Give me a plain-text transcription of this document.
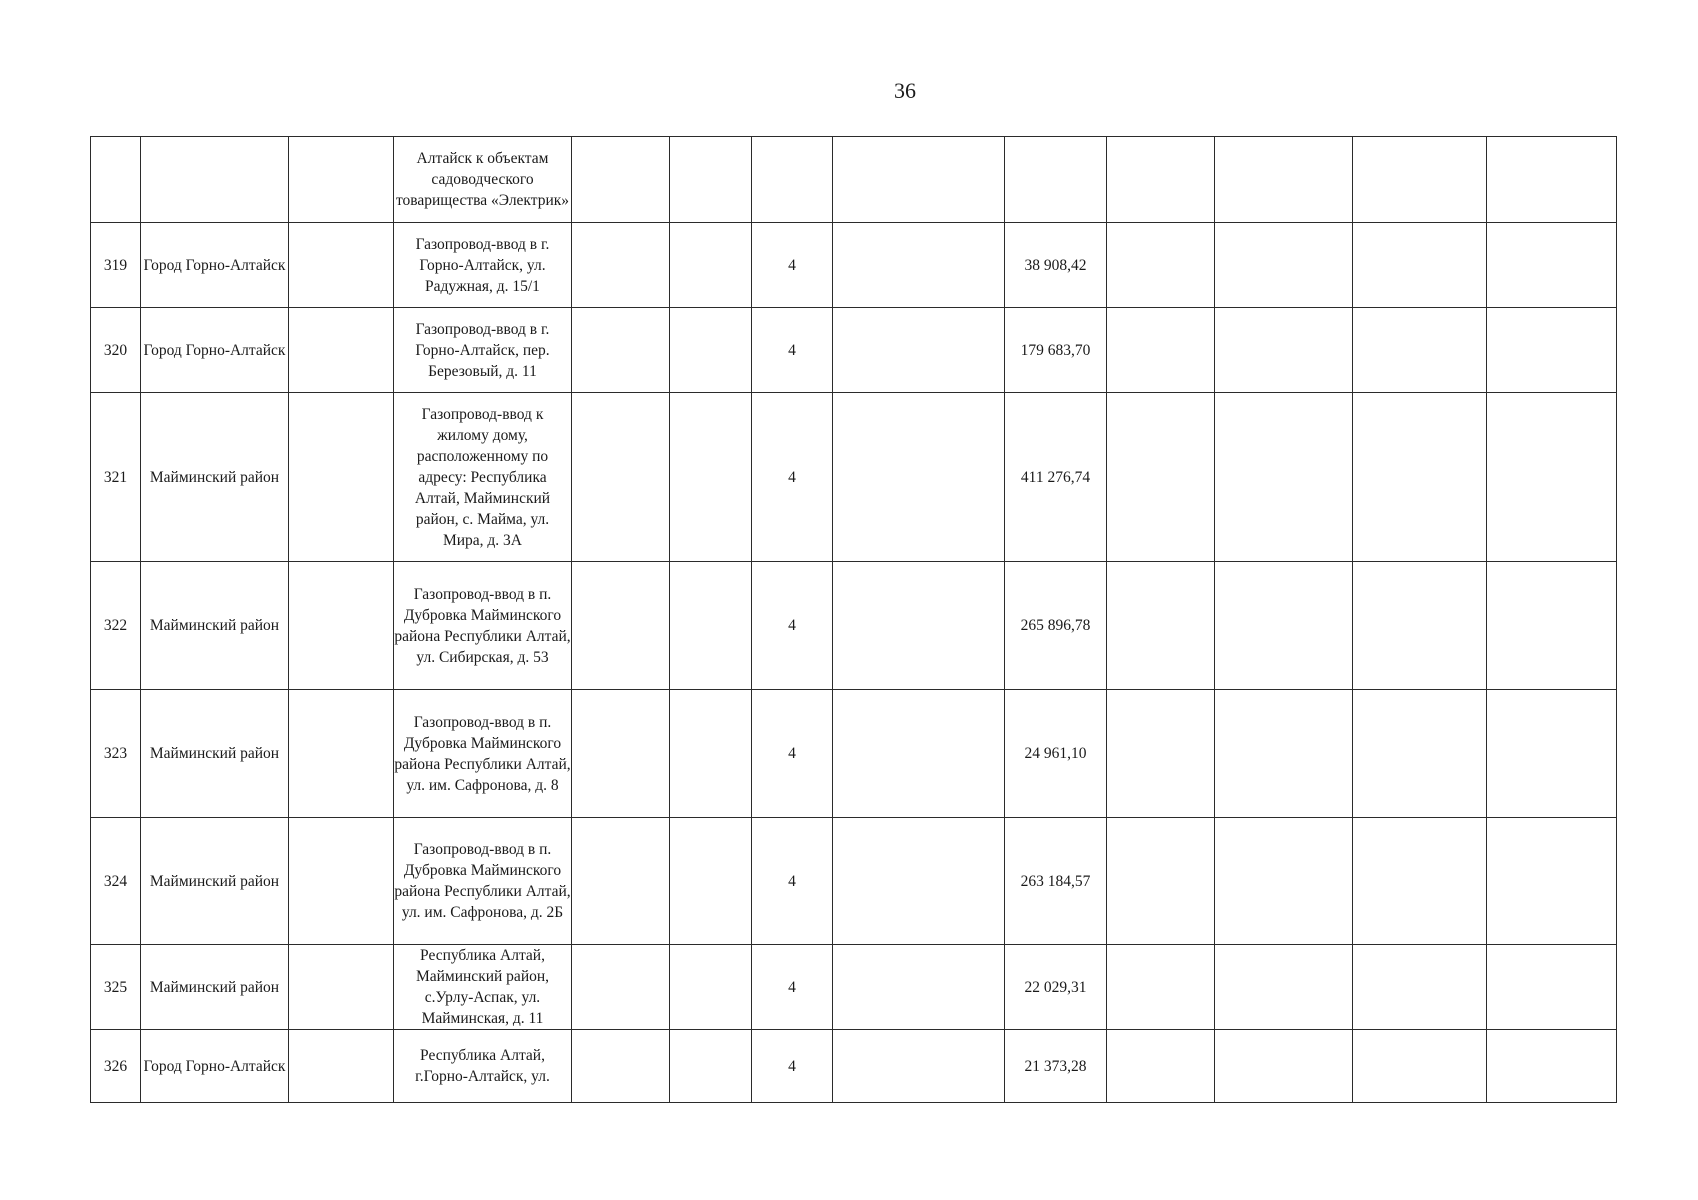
36
			Алтайск к объектам садоводческого товарищества «Электрик»									
319	Город Горно-Алтайск		Газопровод-ввод в г. Горно-Алтайск, ул. Радужная, д. 15/1			4		38 908,42				
320	Город Горно-Алтайск		Газопровод-ввод в г. Горно-Алтайск, пер. Березовый, д. 11			4		179 683,70				
321	Майминский район		Газопровод-ввод к жилому дому, расположенному по адресу: Республика Алтай, Майминский район, с. Майма, ул. Мира, д. 3А			4		411 276,74				
322	Майминский район		Газопровод-ввод в п. Дубровка Майминского района Республики Алтай, ул. Сибирская, д. 53			4		265 896,78				
323	Майминский район		Газопровод-ввод в п. Дубровка Майминского района Республики Алтай, ул. им. Сафронова, д. 8			4		24 961,10				
324	Майминский район		Газопровод-ввод в п. Дубровка Майминского района Республики Алтай, ул. им. Сафронова, д. 2Б			4		263 184,57				
325	Майминский район		Республика Алтай, Майминский район, с.Урлу-Аспак, ул. Майминская, д. 11			4		22 029,31				
326	Город Горно-Алтайск		Республика Алтай, г.Горно-Алтайск, ул.			4		21 373,28				
